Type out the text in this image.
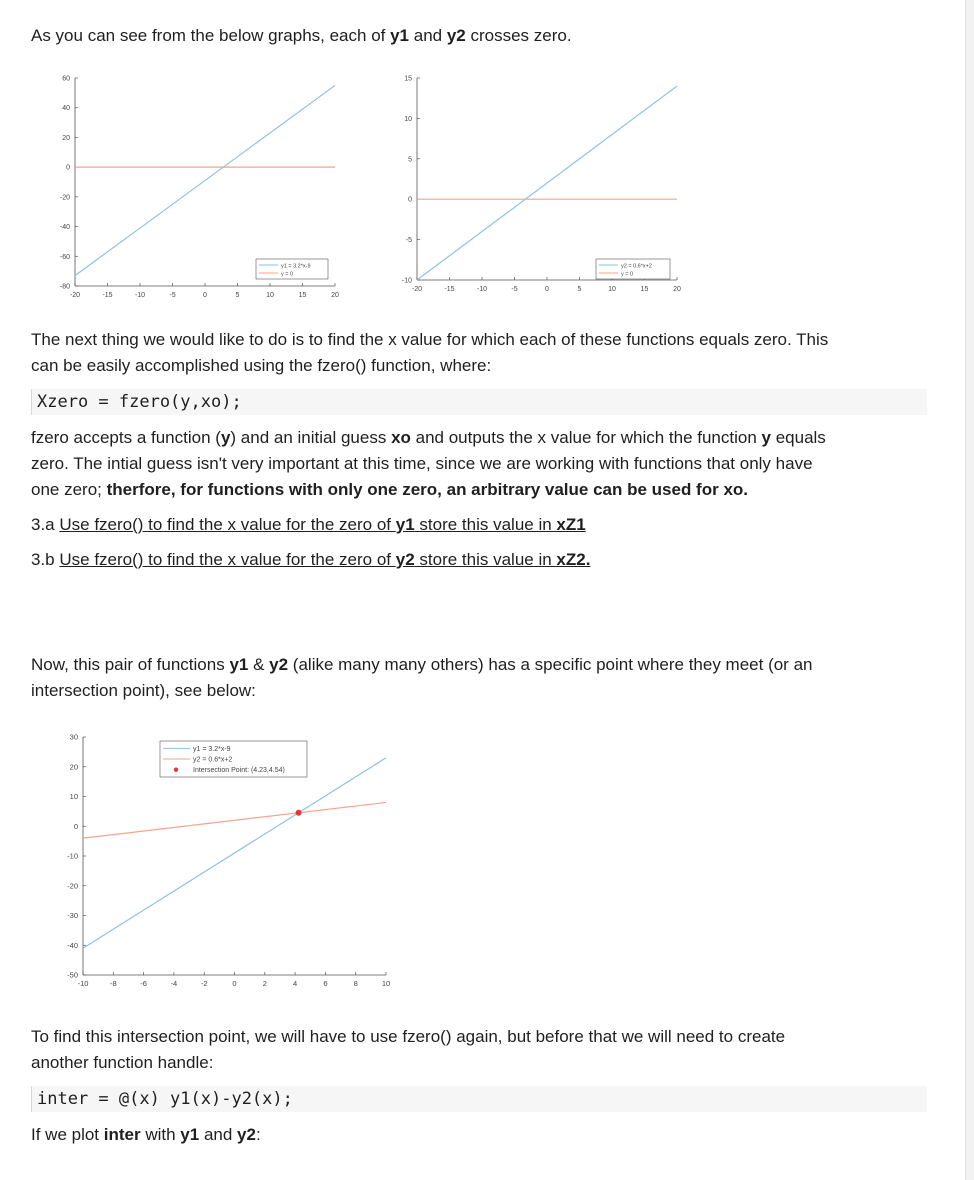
As you can see from the below graphs, each of y1 and y2 crosses zero.

-20	-15	-10	-5	0	5	10	15	20
-80
-60
-40
-20
0
20
40
60
y1 = 3.2*x-9
y = 0
-20	-15	-10	-5	0	5	10	15	20
-10
-5
0
5
10
15
y2 = 0.6*x+2
y = 0

The next thing we would like to do is to find the x value for which each of these functions equals zero. This
can be easily accomplished using the fzero() function, where:

Xzero = fzero(y,xo);

fzero accepts a function (y) and an initial guess xo and outputs the x value for which the function y equals
zero. The intial guess isn't very important at this time, since we are working with functions that only have
one zero; therfore, for functions with only one zero, an arbitrary value can be used for xo.

3.a Use fzero() to find the x value for the zero of y1 store this value in xZ1
3.b Use fzero() to find the x value for the zero of y2 store this value in xZ2.

Now, this pair of functions y1 & y2 (alike many many others) has a specific point where they meet (or an
intersection point), see below:

-10	-8	-6	-4	-2	0	2	4	6	8	10
-50
-40
-30
-20
-10
0
10
20
30
y1 = 3.2*x-9
y2 = 0.6*x+2
Intersection Point: (4.23,4.54)

To find this intersection point, we will have to use fzero() again, but before that we will need to create
another function handle:

inter = @(x) y1(x)-y2(x);

If we plot inter with y1 and y2:
